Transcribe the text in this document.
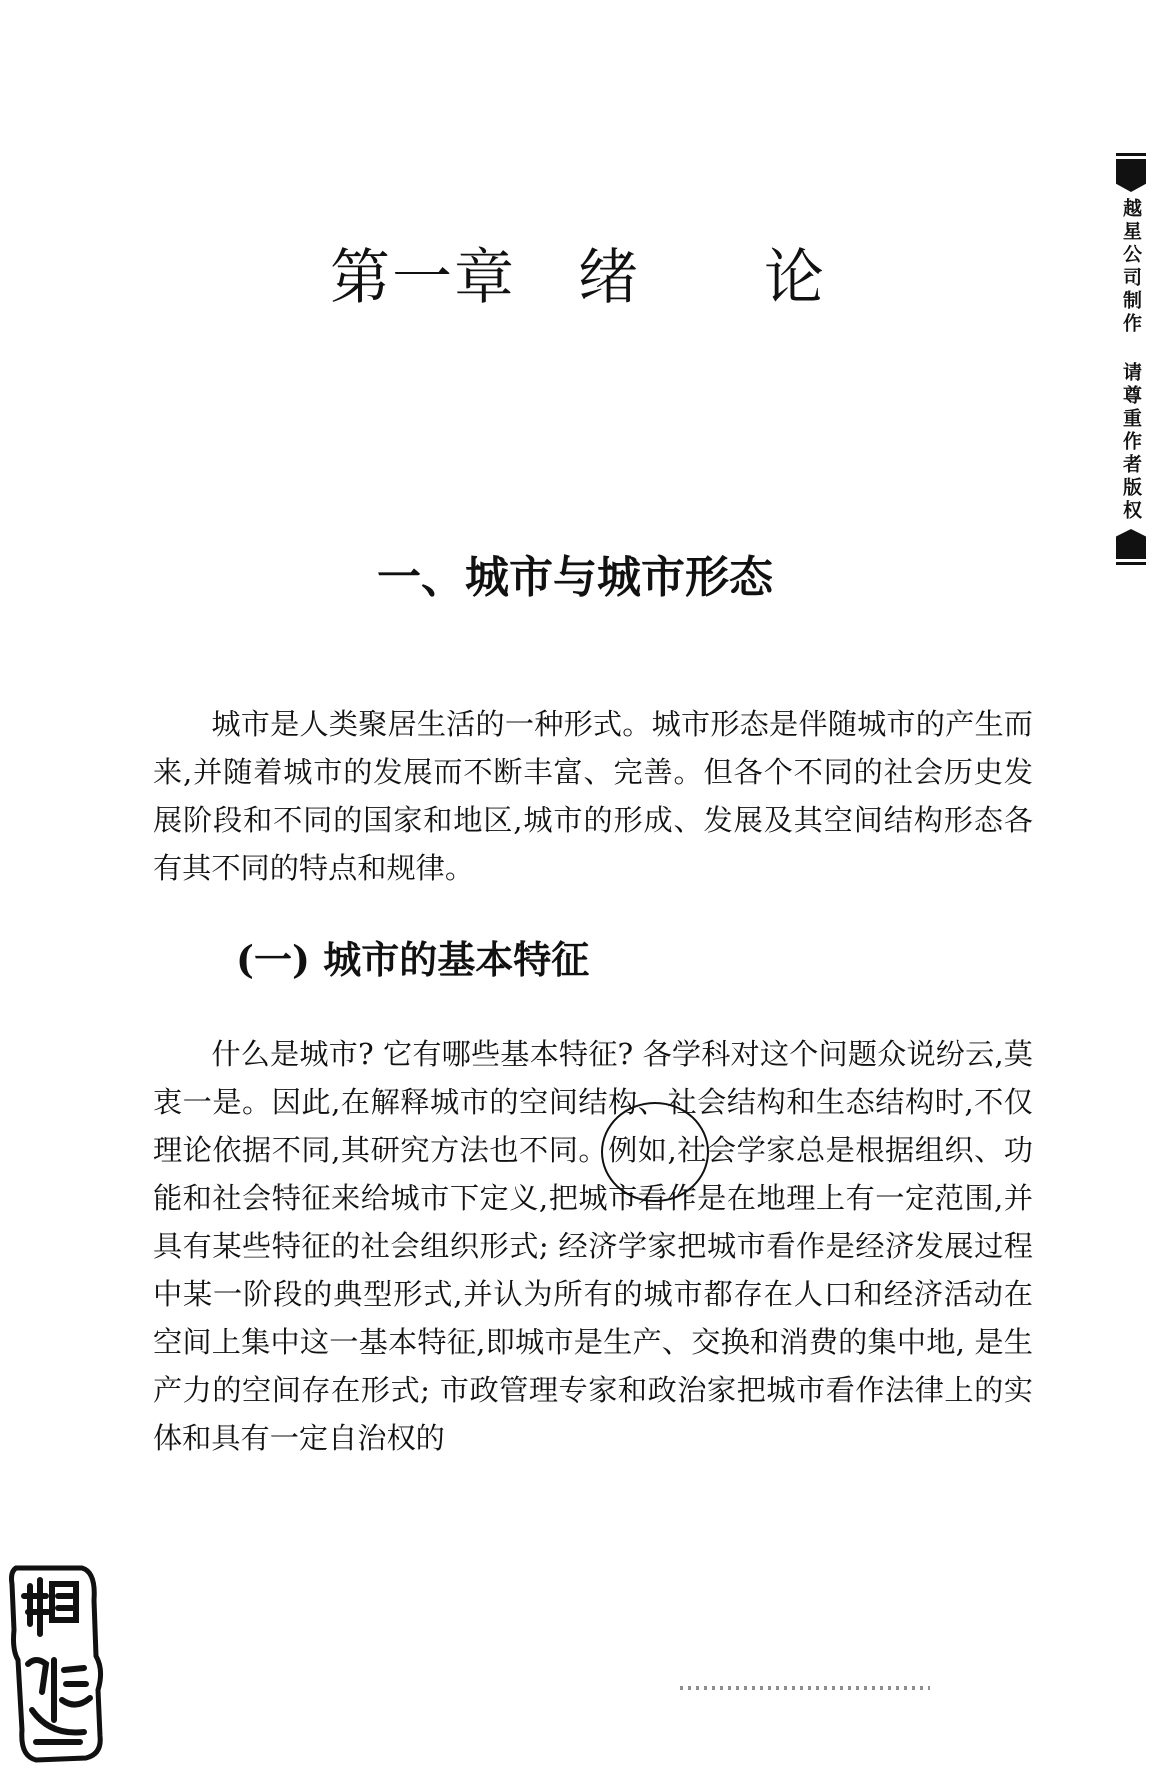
第一章　绪　　论
一、城市与城市形态

城市是人类聚居生活的一种形式。城市形态是伴随城市的产生而来,并随着城市的发展而不断丰富、完善。但各个不同的社会历史发展阶段和不同的国家和地区,城市的形成、发展及其空间结构形态各有其不同的特点和规律。

(一) 城市的基本特征

什么是城市? 它有哪些基本特征? 各学科对这个问题众说纷云,莫衷一是。因此,在解释城市的空间结构、社会结构和生态结构时,不仅理论依据不同,其研究方法也不同。例如,社会学家总是根据组织、功能和社会特征来给城市下定义,把城市看作是在地理上有一定范围,并具有某些特征的社会组织形式; 经济学家把城市看作是经济发展过程中某一阶段的典型形式,并认为所有的城市都存在人口和经济活动在空间上集中这一基本特征,即城市是生产、交换和消费的集中地, 是生产力的空间存在形式; 市政管理专家和政治家把城市看作法律上的实体和具有一定自治权的

越星公司制作 请尊重作者版权
